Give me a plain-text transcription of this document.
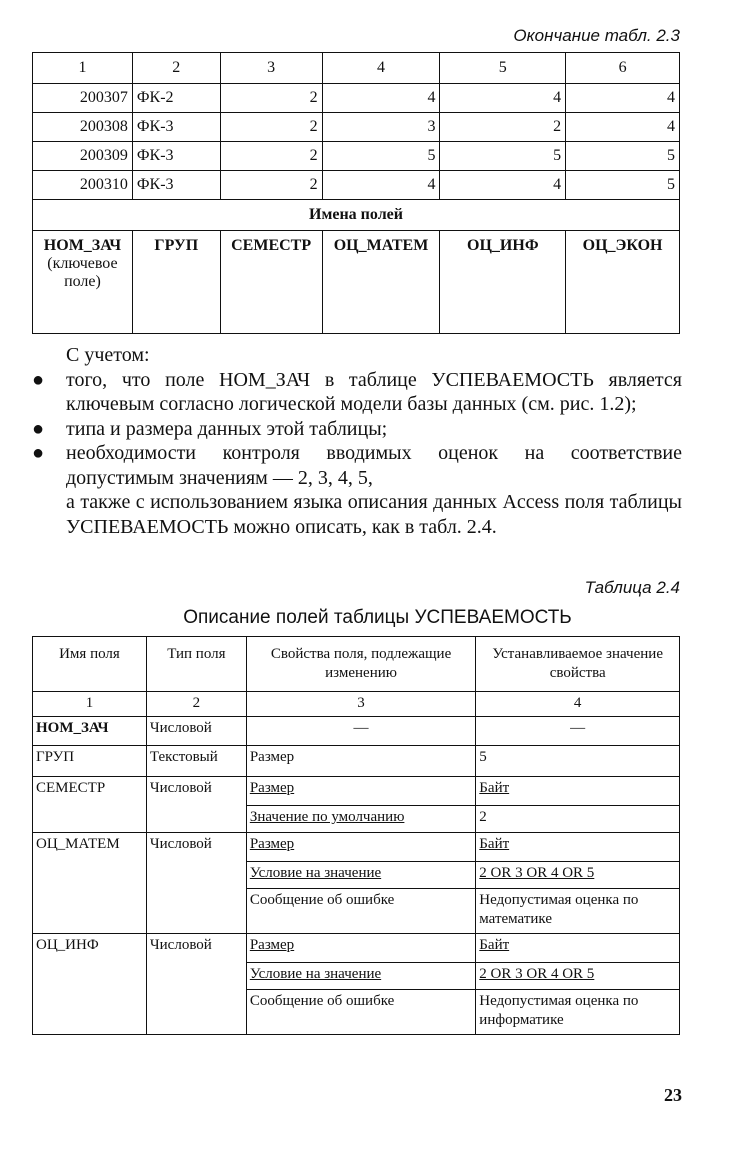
Окончание табл. 2.3
1	2	3	4	5	6
200307	ФК-2	2	4	4	4
200308	ФК-3	2	3	2	4
200309	ФК-3	2	5	5	5
200310	ФК-3	2	4	4	5
Имена полей					

НОМ_ЗАЧ
(ключевое поле)	ГРУП	СЕМЕСТР	ОЦ_МАТЕМ	ОЦ_ИНФ	ОЦ_ЭКОН

С учетом:

● того, что поле НОМ_ЗАЧ в таблице УСПЕВАЕМОСТЬ является ключевым согласно логической модели базы данных (см. рис. 1.2);
● типа и размера данных этой таблицы;
● необходимости контроля вводимых оценок на соответствие допустимым значениям — 2, 3, 4, 5,

а также с использованием языка описания данных Access поля таблицы УСПЕВАЕМОСТЬ можно описать, как в табл. 2.4.

Таблица 2.4
Описание полей таблицы УСПЕВАЕМОСТЬ
Имя поля	Тип поля	Свойства поля, подлежащие изменению	Устанавливаемое значение свойства
1	2	3	4
НОМ_ЗАЧ	Числовой	—	—
ГРУП	Текстовый	Размер	5
СЕМЕСТР	Числовой	Размер	Байт
		Значение по умолчанию	2
ОЦ_МАТЕМ	Числовой	Размер	Байт
		Условие на значение	2 OR 3 OR 4 OR 5
		Сообщение об ошибке	Недопустимая оценка по математике
ОЦ_ИНФ	Числовой	Размер	Байт
		Условие на значение	2 OR 3 OR 4 OR 5
		Сообщение об ошибке	Недопустимая оценка по информатике
23
